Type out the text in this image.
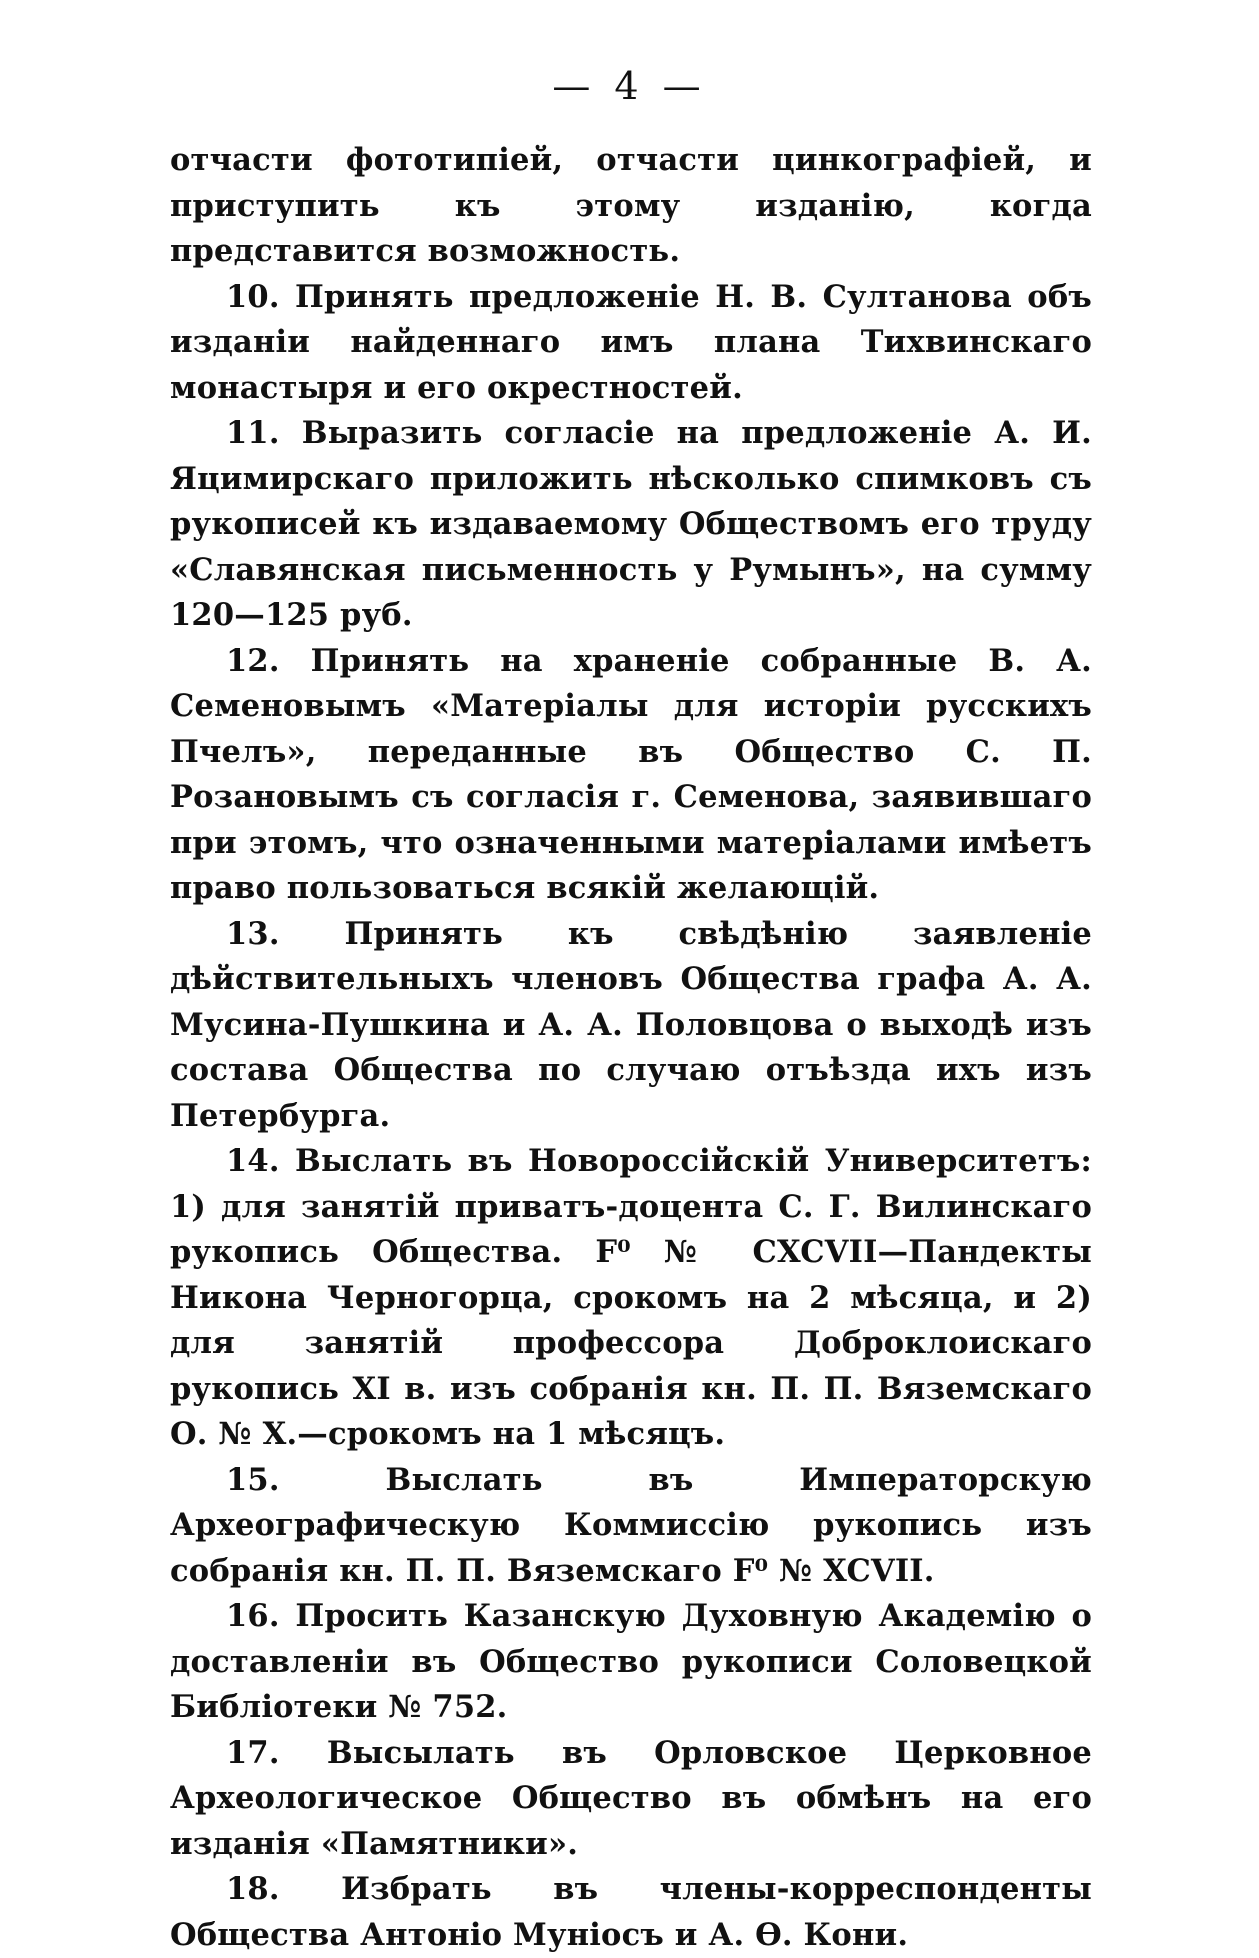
— 4 —

отчасти фототипіей, отчасти цинкографіей, и приступить къ этому изданію, когда представится возможность.

10. Принять предложеніе Н. В. Султанова объ изданіи найденнаго имъ плана Тихвинскаго монастыря и его окрестностей.

11. Выразить согласіе на предложеніе А. И. Яцимирскаго приложить нѣсколько спимковъ съ рукописей къ издаваемому Обществомъ его труду «Славянская письменность у Румынъ», на сумму 120—125 руб.

12. Принять на храненіе собранные В. А. Семеновымъ «Матеріалы для исторіи русскихъ Пчелъ», переданные въ Общество С. П. Розановымъ съ согласія г. Семенова, заявившаго при этомъ, что означенными матеріалами имѣетъ право пользоваться всякій желающій.

13. Принять къ свѣдѣнію заявленіе дѣйствительныхъ членовъ Общества графа А. А. Мусина-Пушкина и А. А. Половцова о выходѣ изъ состава Общества по случаю отъѣзда ихъ изъ Петербурга.

14. Выслать въ Новороссійскій Университетъ: 1) для занятій приватъ-доцента С. Г. Вилинскаго рукопись Общества. F⁰ № CXCVII—Пандекты Никона Черногорца, срокомъ на 2 мѣсяца, и 2) для занятій профессора Доброклоискаго рукопись XI в. изъ собранія кн. П. П. Вяземскаго О. № X.—срокомъ на 1 мѣсяцъ.

15. Выслать въ Императорскую Археографическую Коммиссію рукопись изъ собранія кн. П. П. Вяземскаго F⁰ № XCVII.

16. Просить Казанскую Духовную Академію о доставленіи въ Общество рукописи Соловецкой Библіотеки № 752.

17. Высылать въ Орловское Церковное Археологическое Общество въ обмѣнъ на его изданія «Памятники».

18. Избрать въ члены-корреспонденты Общества Антоніо Муніосъ и А. Ѳ. Кони.
